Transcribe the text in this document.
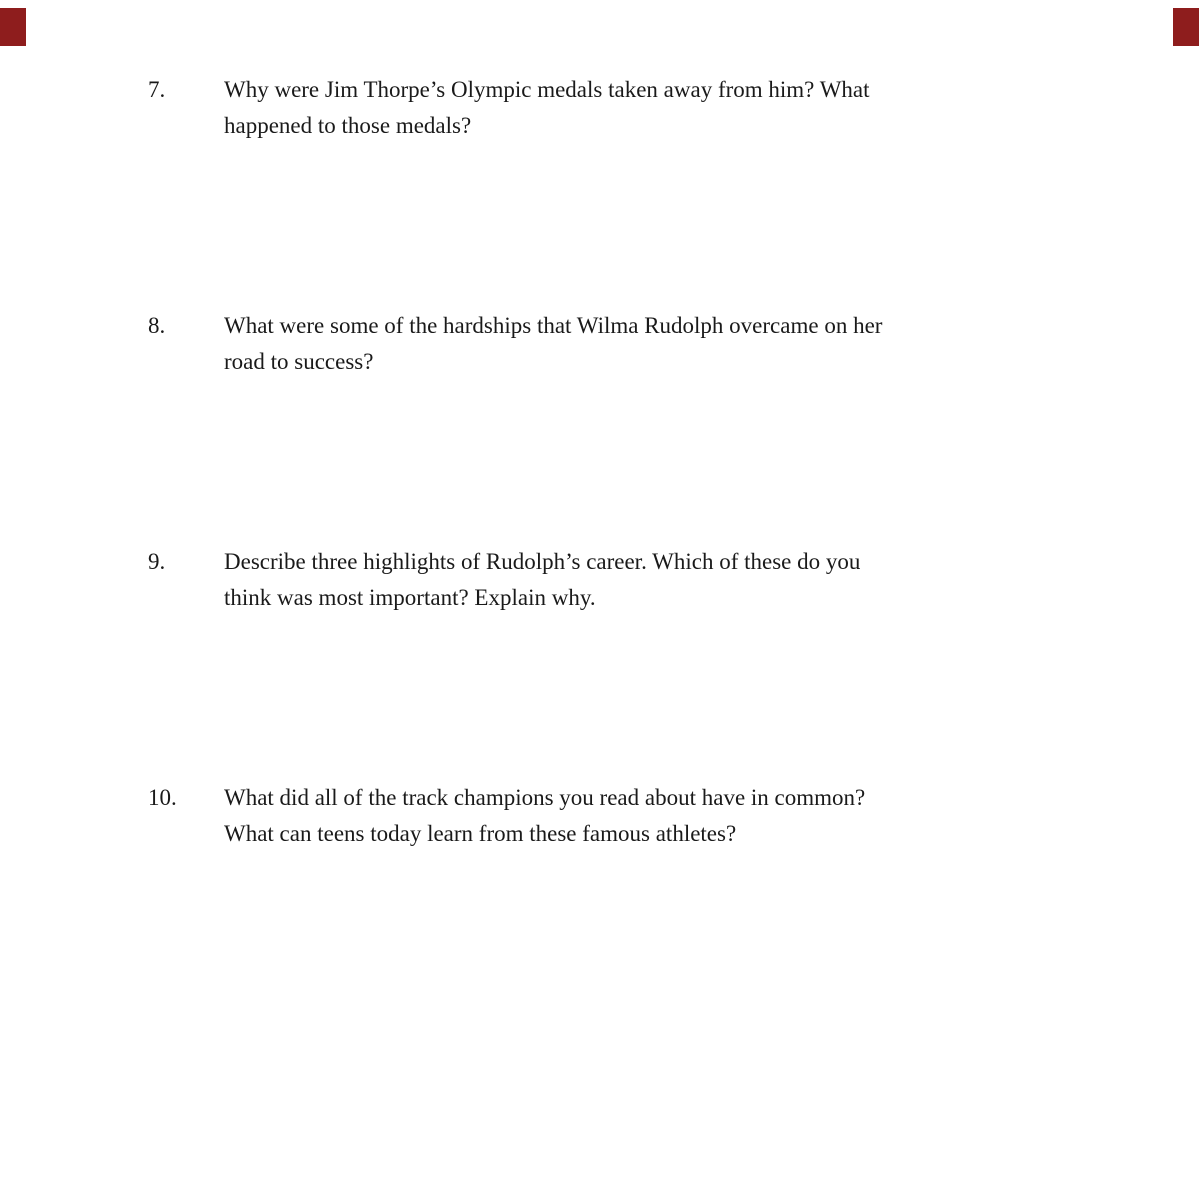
7.	Why were Jim Thorpe’s Olympic medals taken away from him? What
happened to those medals?
8.	What were some of the hardships that Wilma Rudolph overcame on her
road to success?
9.	Describe three highlights of Rudolph’s career. Which of these do you
think was most important? Explain why.
10.	What did all of the track champions you read about have in common?
What can teens today learn from these famous athletes?
